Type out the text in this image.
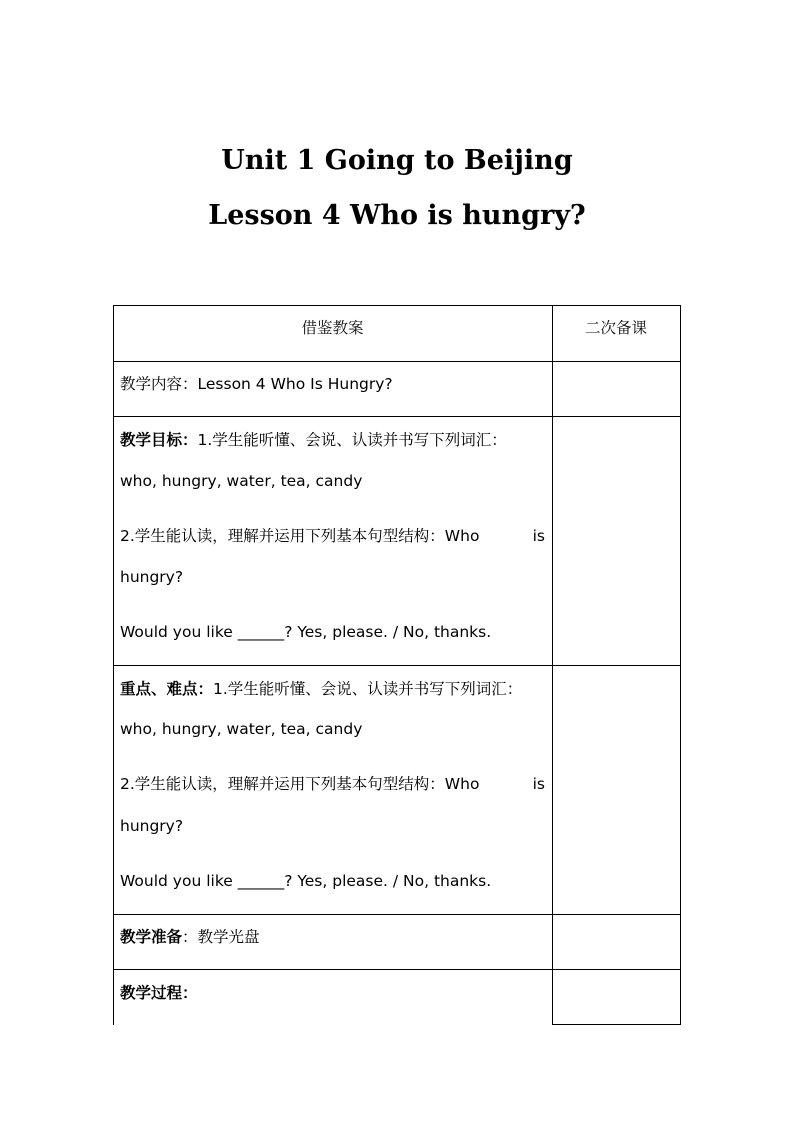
Unit 1 Going to Beijing
Lesson 4 Who is hungry?
借鉴教案	二次备课
教学内容：Lesson 4 Who Is Hungry?
教学目标：1.学生能听懂、会说、认读并书写下列词汇：
who, hungry, water, tea, candy
2.学生能认读，理解并运用下列基本句型结构：Who	is
hungry?
Would you like ______? Yes, please. / No, thanks.
重点、难点：1.学生能听懂、会说、认读并书写下列词汇：
who, hungry, water, tea, candy
2.学生能认读，理解并运用下列基本句型结构：Who	is
hungry?
Would you like ______? Yes, please. / No, thanks.
教学准备：教学光盘
教学过程：
